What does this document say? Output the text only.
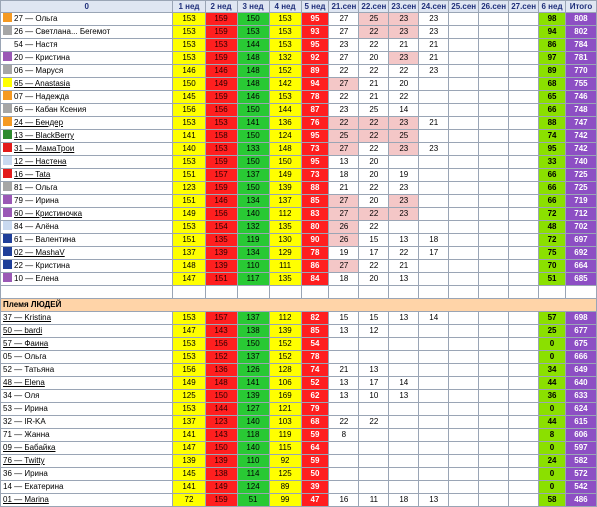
0	1 нед	2 нед	3 нед	4 нед	5 нед	21.сен	22.сен	23.сен	24.сен	25.сен	26.сен	27.сен	6 нед	Итого
27 — Ольга	153	159	150	153	95	27	25	23	23				98	808
26 — Светлана... Бегемот	153	159	153	153	93	27	22	23	23				94	802
54 — Настя	153	153	144	153	95	23	22	21	21				86	784
20 — Кристина	153	159	148	132	92	27	20	23	21				97	781
06 — Маруся	146	146	148	152	89	22	22	22	23				89	770
65 — Anastasia	150	149	148	142	94	27	21	20					68	755
07 — Надежда	145	159	146	153	78	22	21	22					65	746
66 — Кабан Ксения	156	156	150	144	87	23	25	14					66	748
24 — Бендер	153	153	141	136	76	22	22	23	21				88	747
13 — BlackBerry	141	158	150	124	95	25	22	25					74	742
31 — МамаТрои	140	153	133	148	73	27	22	23	23				95	742
12 — Настена	153	159	150	150	95	13	20						33	740
16 — Tata	151	157	137	149	73	18	20	19					66	725
81 — Ольга	123	159	150	139	88	21	22	23					66	725
79 — Ирина	151	146	134	137	85	27	20	23					66	719
60 — Кристиночка	149	156	140	112	83	27	22	23					72	712
84 — Алёна	153	154	132	135	80	26	22						48	702
61 — Валентина	151	135	119	130	90	26	15	13	18				72	697
02 — MashaV	137	139	134	129	78	19	17	22	17				75	692
22 — Кристина	148	139	110	111	86	27	22	21					70	664
10 — Елена	147	151	117	135	84	18	20	13					51	685

Племя ЛЮДЕЙ														
37 — Kristina	153	157	137	112	82	15	15	13	14				57	698
50 — bardi	147	143	138	139	85	13	12						25	677
57 — Фаина	153	156	150	152	54								0	675
05 — Ольга	153	152	137	152	78								0	666
52 — Татьяна	156	136	126	128	74	21	13						34	649
48 — Elena	149	148	141	106	52	13	17	14					44	640
34 — Оля	125	150	139	169	62	13	10	13					36	633
53 — Ирина	153	144	127	121	79								0	624
32 — IR-KA	137	123	140	103	68	22	22						44	615
71 — Жанна	141	143	118	119	59	8							8	606
09 — Бабайка	147	150	140	115	64								0	597
76 — Twitty	139	139	110	92	59								24	582
36 — Ирина	145	138	114	125	50								0	572
14 — Екатерина	141	149	124	89	39								0	542
01 — Marina	72	159	51	99	47	16	11	18	13				58	486
